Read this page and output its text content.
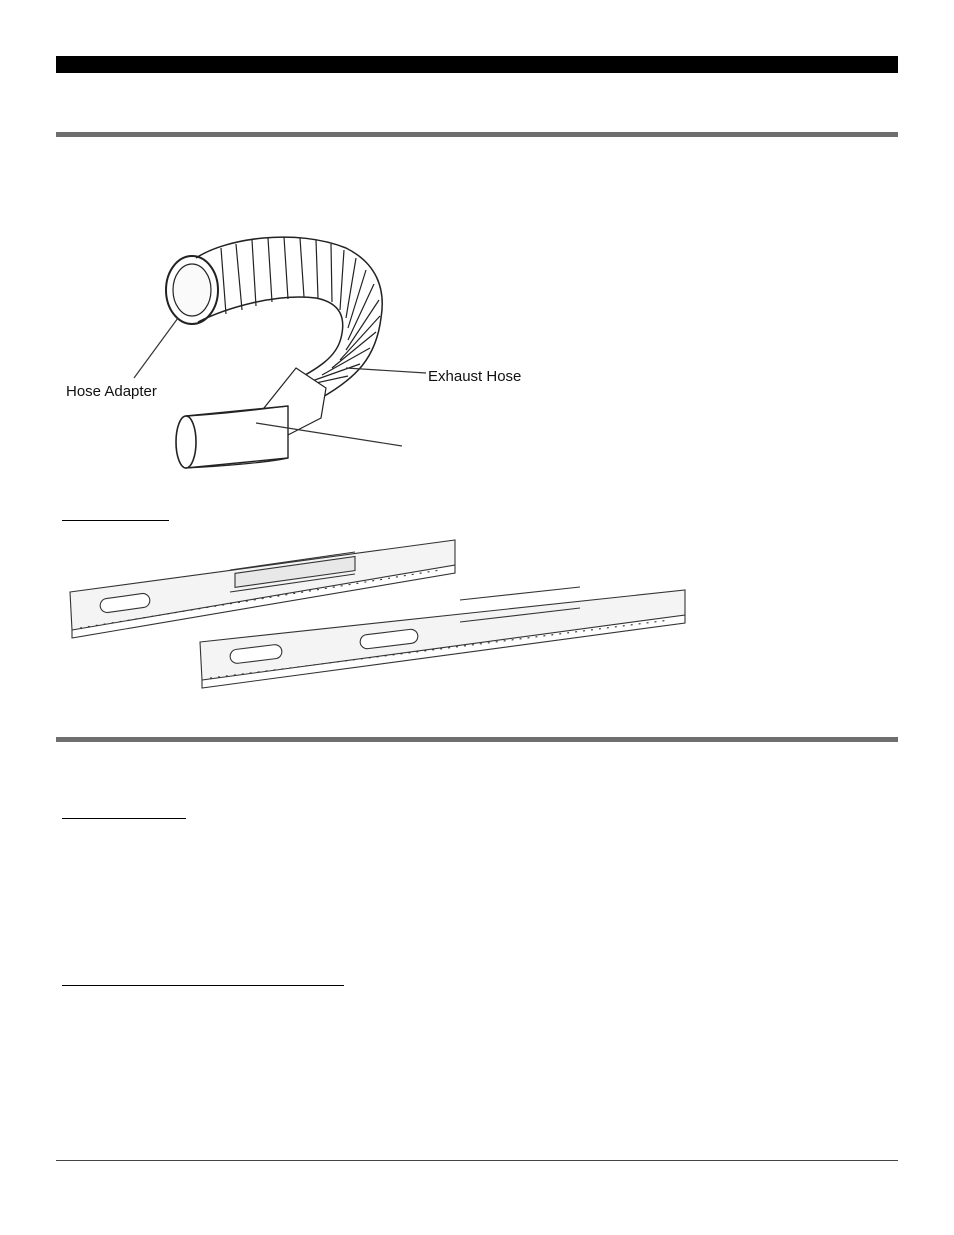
Hose Adapter
Exhaust Hose
